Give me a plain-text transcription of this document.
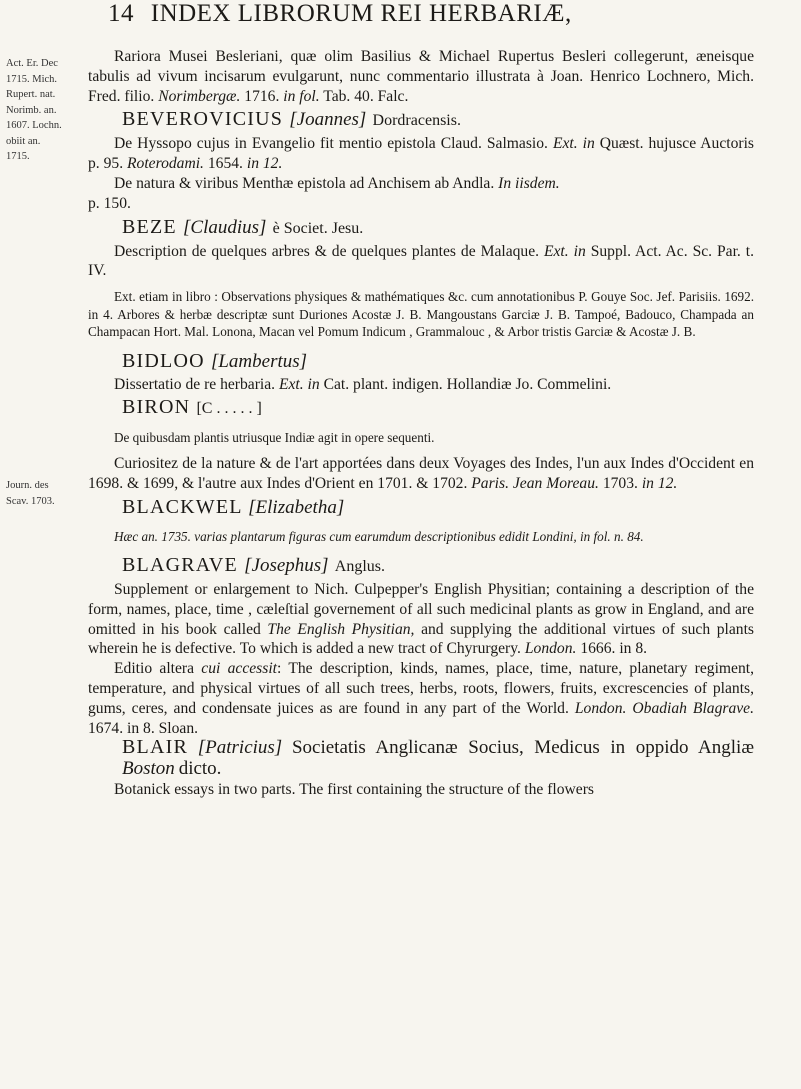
14 INDEX LIBRORUM REI HERBARIÆ,
Act. Er. Dec 1715. Mich. Rupert. nat. Norimb. an. 1607. Lochn. obiit an. 1715.
Journ. des Scav. 1703.

Rariora Musei Besleriani, quæ olim Basilius & Michael Rupertus Besleri collegerunt, æneisque tabulis ad vivum incisarum evulgarunt, nunc commentario illustrata à Joan. Henrico Lochnero, Mich. Fred. filio. Norimbergæ. 1716. in fol. Tab. 40. Falc.

BEVEROVICIUS [Joannes] Dordracensis.

De Hyssopo cujus in Evangelio fit mentio epistola Claud. Salmasio. Ext. in Quæst. hujusce Auctoris p. 95. Roterodami. 1654. in 12.

De natura & viribus Menthæ epistola ad Anchisem ab Andla. In iisdem.

p. 150.

BEZE [Claudius] è Societ. Jesu.

Description de quelques arbres & de quelques plantes de Malaque. Ext. in Suppl. Act. Ac. Sc. Par. t. IV.

Ext. etiam in libro : Observations physiques & mathématiques &c. cum annotationibus P. Gouye Soc. Jef. Parisiis. 1692. in 4. Arbores & herbæ descriptæ sunt Duriones Acostæ J. B. Mangoustans Garciæ J. B. Tampoé, Badouco, Champada an Champacan Hort. Mal. Lonona, Macan vel Pomum Indicum , Grammalouc , & Arbor tristis Garciæ & Acostæ J. B.

BIDLOO [Lambertus]

Dissertatio de re herbaria. Ext. in Cat. plant. indigen. Hollandiæ Jo. Commelini.

BIRON [C . . . . . ]

De quibusdam plantis utriusque Indiæ agit in opere sequenti.

Curiositez de la nature & de l'art apportées dans deux Voyages des Indes, l'un aux Indes d'Occident en 1698. & 1699, & l'autre aux Indes d'Orient en 1701. & 1702. Paris. Jean Moreau. 1703. in 12.

BLACKWEL [Elizabetha]

Hæc an. 1735. varias plantarum figuras cum earumdum descriptionibus edidit Londini, in fol. n. 84.

BLAGRAVE [Josephus] Anglus.

Supplement or enlargement to Nich. Culpepper's English Physitian; containing a description of the form, names, place, time , cæleſtial governement of all such medicinal plants as grow in England, and are omitted in his book called The English Physitian, and supplying the additional virtues of such plants wherein he is defective. To which is added a new tract of Chyrurgery. London. 1666. in 8.

Editio altera cui accessit: The description, kinds, names, place, time, nature, planetary regiment, temperature, and physical virtues of all such trees, herbs, roots, flowers, fruits, excrescencies of plants, gums, ceres, and condensate juices as are found in any part of the World. London. Obadiah Blagrave. 1674. in 8. Sloan.

BLAIR [Patricius] Societatis Anglicanæ Socius, Medicus in oppido Angliæ Boston dicto.

Botanick essays in two parts. The first containing the structure of the flowers
